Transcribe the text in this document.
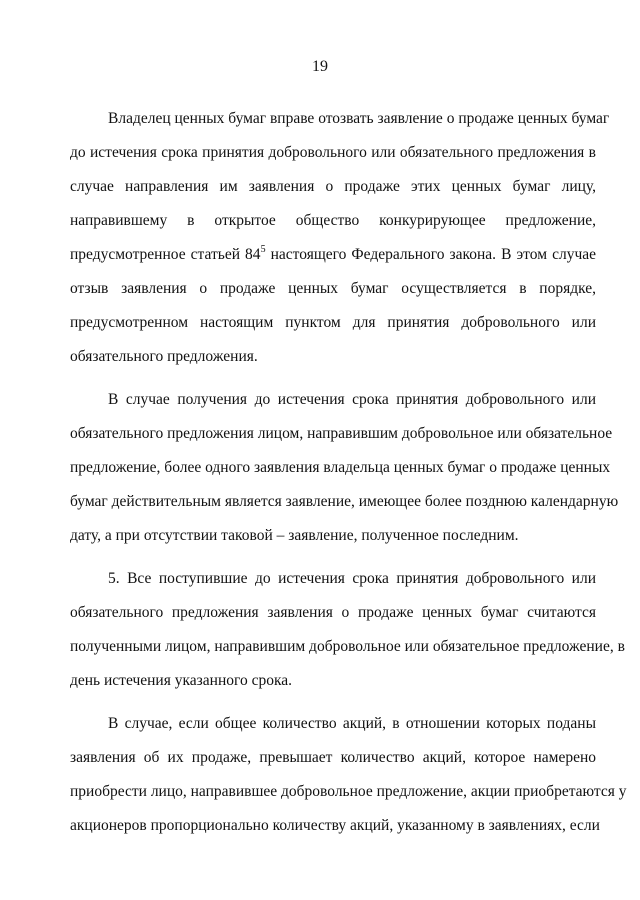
19
Владелец ценных бумаг вправе отозвать заявление о продаже ценных бумаг
до истечения срока принятия добровольного или обязательного предложения в
случае направления им заявления о продаже этих ценных бумаг лицу,
направившему в открытое общество конкурирующее предложение,
предусмотренное статьей $84^5$ настоящего Федерального закона. В этом случае
отзыв заявления о продаже ценных бумаг осуществляется в порядке,
предусмотренном настоящим пунктом для принятия добровольного или
обязательного предложения.
В случае получения до истечения срока принятия добровольного или
обязательного предложения лицом, направившим добровольное или обязательное
предложение, более одного заявления владельца ценных бумаг о продаже ценных
бумаг действительным является заявление, имеющее более позднюю календарную
дату, а при отсутствии таковой – заявление, полученное последним.
5. Все поступившие до истечения срока принятия добровольного или
обязательного предложения заявления о продаже ценных бумаг считаются
полученными лицом, направившим добровольное или обязательное предложение, в
день истечения указанного срока.
В случае, если общее количество акций, в отношении которых поданы
заявления об их продаже, превышает количество акций, которое намерено
приобрести лицо, направившее добровольное предложение, акции приобретаются у
акционеров пропорционально количеству акций, указанному в заявлениях, если
